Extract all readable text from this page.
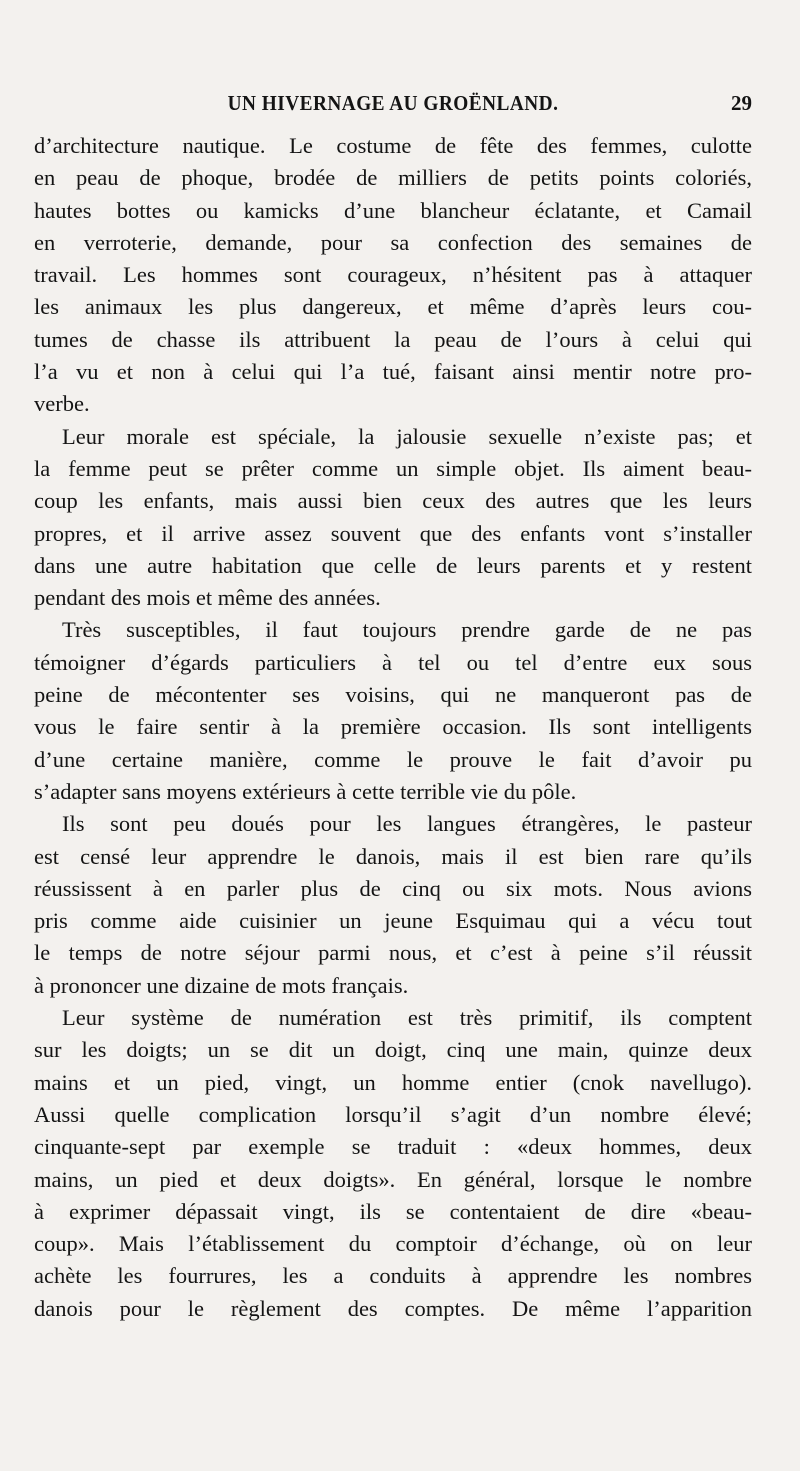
UN HIVERNAGE AU GROËNLAND.	29
d’architecture nautique. Le costume de fête des femmes, culotte
en peau de phoque, brodée de milliers de petits points coloriés,
hautes bottes ou kamicks d’une blancheur éclatante, et Camail
en verroterie, demande, pour sa confection des semaines de
travail. Les hommes sont courageux, n’hésitent pas à attaquer
les animaux les plus dangereux, et même d’après leurs cou-
tumes de chasse ils attribuent la peau de l’ours à celui qui
l’a vu et non à celui qui l’a tué, faisant ainsi mentir notre pro-
verbe.
Leur morale est spéciale, la jalousie sexuelle n’existe pas; et
la femme peut se prêter comme un simple objet. Ils aiment beau-
coup les enfants, mais aussi bien ceux des autres que les leurs
propres, et il arrive assez souvent que des enfants vont s’installer
dans une autre habitation que celle de leurs parents et y restent
pendant des mois et même des années.
Très susceptibles, il faut toujours prendre garde de ne pas
témoigner d’égards particuliers à tel ou tel d’entre eux sous
peine de mécontenter ses voisins, qui ne manqueront pas de
vous le faire sentir à la première occasion. Ils sont intelligents
d’une certaine manière, comme le prouve le fait d’avoir pu
s’adapter sans moyens extérieurs à cette terrible vie du pôle.
Ils sont peu doués pour les langues étrangères, le pasteur
est censé leur apprendre le danois, mais il est bien rare qu’ils
réussissent à en parler plus de cinq ou six mots. Nous avions
pris comme aide cuisinier un jeune Esquimau qui a vécu tout
le temps de notre séjour parmi nous, et c’est à peine s’il réussit
à prononcer une dizaine de mots français.
Leur système de numération est très primitif, ils comptent
sur les doigts; un se dit un doigt, cinq une main, quinze deux
mains et un pied, vingt, un homme entier (cnok navellugo).
Aussi quelle complication lorsqu’il s’agit d’un nombre élevé;
cinquante-sept par exemple se traduit : «deux hommes, deux
mains, un pied et deux doigts». En général, lorsque le nombre
à exprimer dépassait vingt, ils se contentaient de dire «beau-
coup». Mais l’établissement du comptoir d’échange, où on leur
achète les fourrures, les a conduits à apprendre les nombres
danois pour le règlement des comptes. De même l’apparition
